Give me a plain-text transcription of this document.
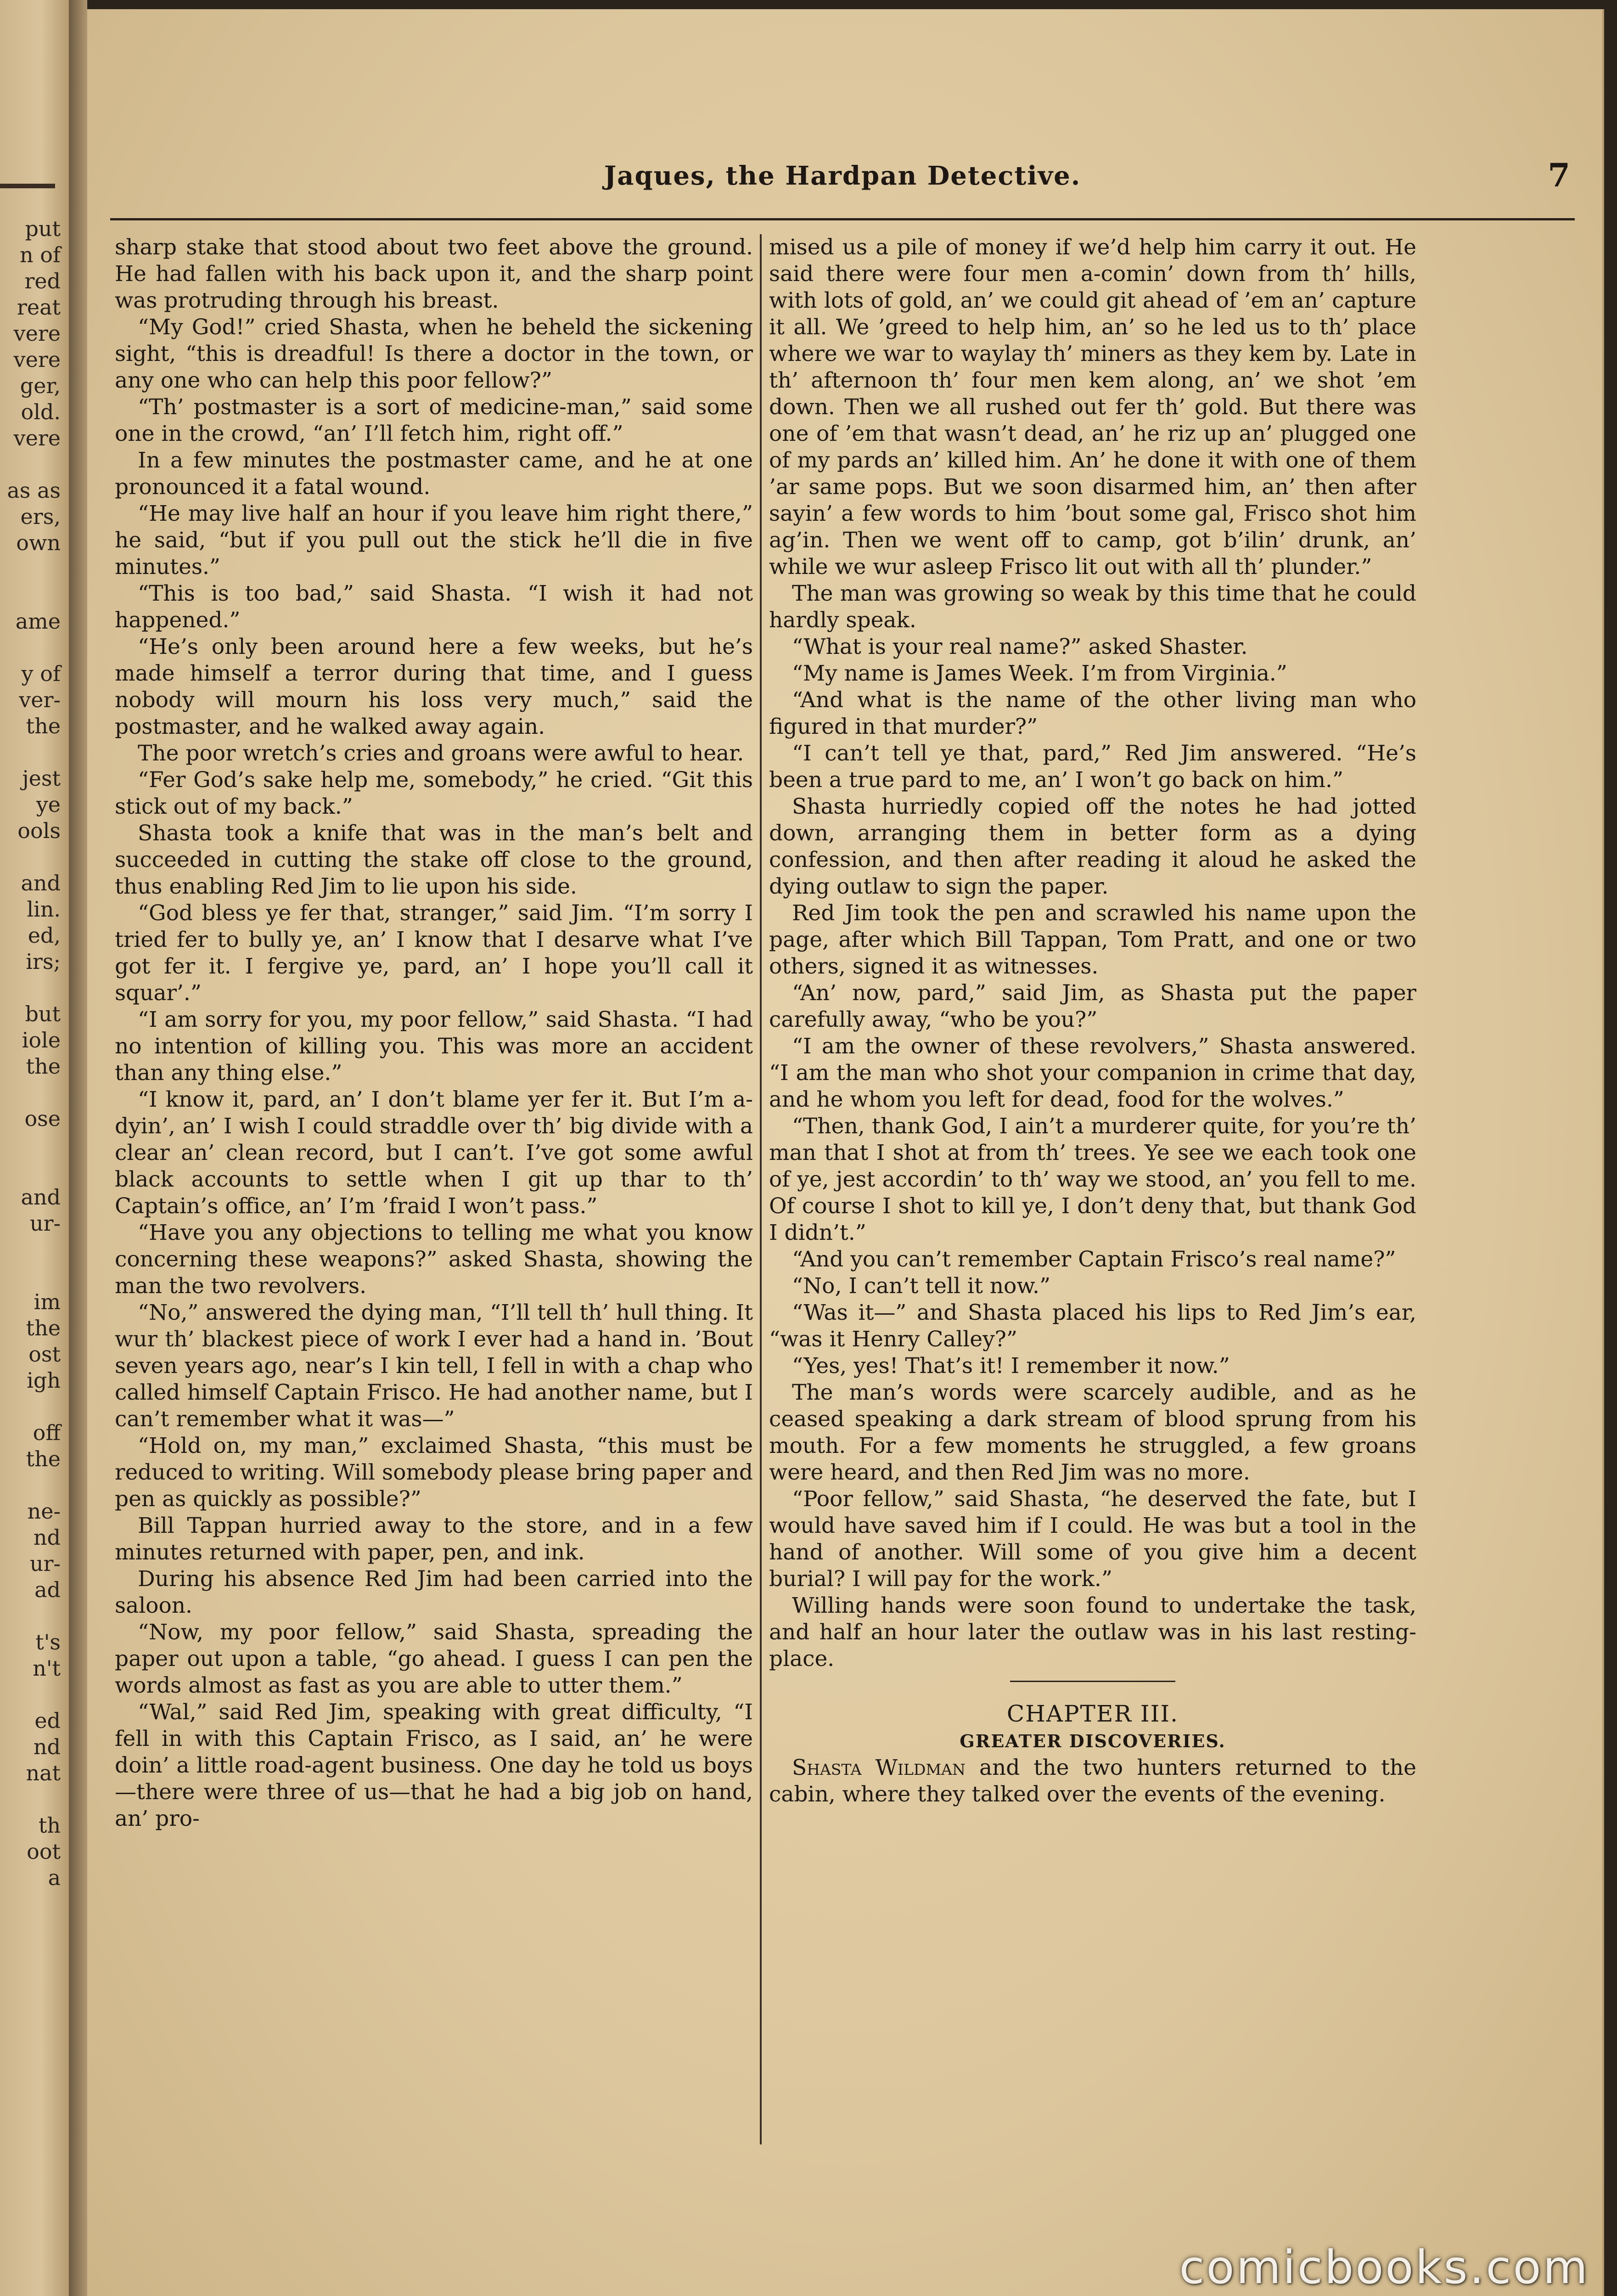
put
n of
red
reat
vere
vere
ger,
old.
vere
as as
ers,
own
ame
y of
ver-
the
jest
ye
ools
and
lin.
ed,
irs;
but
iole
the
ose
and
ur-
im
the
ost
igh
off
the
ne-
nd
ur-
ad
t's
n't
ed
nd
nat
th
oot
a
Jaques, the Hardpan Detective.	7

sharp stake that stood about two feet above the ground. He had fallen with his back upon it, and the sharp point was protruding through his breast.

“My God!” cried Shasta, when he beheld the sickening sight, “this is dreadful! Is there a doctor in the town, or any one who can help this poor fellow?”

“Th’ postmaster is a sort of medicine-man,” said some one in the crowd, “an’ I’ll fetch him, right off.”

In a few minutes the postmaster came, and he at one pronounced it a fatal wound.

“He may live half an hour if you leave him right there,” he said, “but if you pull out the stick he’ll die in five minutes.”

“This is too bad,” said Shasta. “I wish it had not happened.”

“He’s only been around here a few weeks, but he’s made himself a terror during that time, and I guess nobody will mourn his loss very much,” said the postmaster, and he walked away again.

The poor wretch’s cries and groans were awful to hear.

“Fer God’s sake help me, somebody,” he cried. “Git this stick out of my back.”

Shasta took a knife that was in the man’s belt and succeeded in cutting the stake off close to the ground, thus enabling Red Jim to lie upon his side.

“God bless ye fer that, stranger,” said Jim. “I’m sorry I tried fer to bully ye, an’ I know that I desarve what I’ve got fer it. I fergive ye, pard, an’ I hope you’ll call it squar’.”

“I am sorry for you, my poor fellow,” said Shasta. “I had no intention of killing you. This was more an accident than any thing else.”

“I know it, pard, an’ I don’t blame yer fer it. But I’m a-dyin’, an’ I wish I could straddle over th’ big divide with a clear an’ clean record, but I can’t. I’ve got some awful black accounts to settle when I git up thar to th’ Captain’s office, an’ I’m ’fraid I won’t pass.”

“Have you any objections to telling me what you know concerning these weapons?” asked Shasta, showing the man the two revolvers.

“No,” answered the dying man, “I’ll tell th’ hull thing. It wur th’ blackest piece of work I ever had a hand in. ’Bout seven years ago, near’s I kin tell, I fell in with a chap who called himself Captain Frisco. He had another name, but I can’t remember what it was—”

“Hold on, my man,” exclaimed Shasta, “this must be reduced to writing. Will somebody please bring paper and pen as quickly as possible?”

Bill Tappan hurried away to the store, and in a few minutes returned with paper, pen, and ink.

During his absence Red Jim had been carried into the saloon.

“Now, my poor fellow,” said Shasta, spreading the paper out upon a table, “go ahead. I guess I can pen the words almost as fast as you are able to utter them.”

“Wal,” said Red Jim, speaking with great difficulty, “I fell in with this Captain Frisco, as I said, an’ he were doin’ a little road-agent business. One day he told us boys—there were three of us—that he had a big job on hand, an’ pro-

mised us a pile of money if we’d help him carry it out. He said there were four men a-comin’ down from th’ hills, with lots of gold, an’ we could git ahead of ’em an’ capture it all. We ’greed to help him, an’ so he led us to th’ place where we war to waylay th’ miners as they kem by. Late in th’ afternoon th’ four men kem along, an’ we shot ’em down. Then we all rushed out fer th’ gold. But there was one of ’em that wasn’t dead, an’ he riz up an’ plugged one of my pards an’ killed him. An’ he done it with one of them ’ar same pops. But we soon disarmed him, an’ then after sayin’ a few words to him ’bout some gal, Frisco shot him ag’in. Then we went off to camp, got b’ilin’ drunk, an’ while we wur asleep Frisco lit out with all th’ plunder.”

The man was growing so weak by this time that he could hardly speak.

“What is your real name?” asked Shaster.

“My name is James Week. I’m from Virginia.”

“And what is the name of the other living man who figured in that murder?”

“I can’t tell ye that, pard,” Red Jim answered. “He’s been a true pard to me, an’ I won’t go back on him.”

Shasta hurriedly copied off the notes he had jotted down, arranging them in better form as a dying confession, and then after reading it aloud he asked the dying outlaw to sign the paper.

Red Jim took the pen and scrawled his name upon the page, after which Bill Tappan, Tom Pratt, and one or two others, signed it as witnesses.

“An’ now, pard,” said Jim, as Shasta put the paper carefully away, “who be you?”

“I am the owner of these revolvers,” Shasta answered. “I am the man who shot your companion in crime that day, and he whom you left for dead, food for the wolves.”

“Then, thank God, I ain’t a murderer quite, for you’re th’ man that I shot at from th’ trees. Ye see we each took one of ye, jest accordin’ to th’ way we stood, an’ you fell to me. Of course I shot to kill ye, I don’t deny that, but thank God I didn’t.”

“And you can’t remember Captain Frisco’s real name?”

“No, I can’t tell it now.”

“Was it—” and Shasta placed his lips to Red Jim’s ear, “was it Henry Calley?”

“Yes, yes! That’s it! I remember it now.”

The man’s words were scarcely audible, and as he ceased speaking a dark stream of blood sprung from his mouth. For a few moments he struggled, a few groans were heard, and then Red Jim was no more.

“Poor fellow,” said Shasta, “he deserved the fate, but I would have saved him if I could. He was but a tool in the hand of another. Will some of you give him a decent burial? I will pay for the work.”

Willing hands were soon found to undertake the task, and half an hour later the outlaw was in his last resting-place.

CHAPTER III.
GREATER DISCOVERIES.

Shasta Wildman and the two hunters returned to the cabin, where they talked over the events of the evening.

comicbooks.com
